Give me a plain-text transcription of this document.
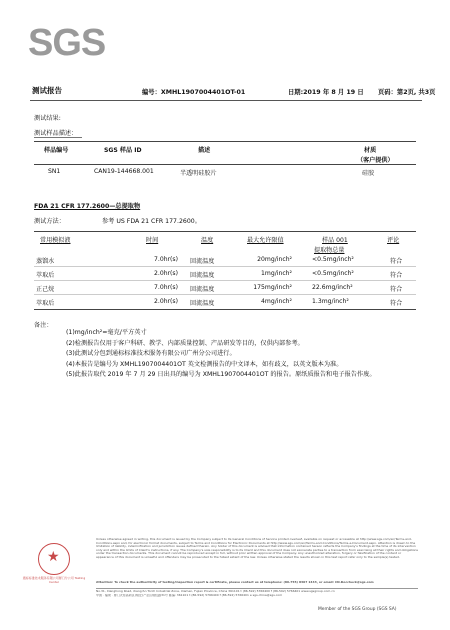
SGS
测试报告	编号：XMHL1907004401OT-01	日期:2019 年 8 月 19 日 页码：第2页, 共3页
测试结果:
测试样品描述：
样品编号	SGS 样品 ID	描述	材质
（客户提供）
SN1	CAN19-144668.001	半透明硅胶片	硅胶
FDA 21 CFR 177.2600—总提取物
测试方法：	参考 US FDA 21 CFR 177.2600。
常用模拟液	时间	温度	最大允许限值	样品 001
提取物总量
评论
蒸馏水	7.0hr(s) 回流温度	20mg/inch²	<0.5mg/inch²	符合
萃取后	2.0hr(s) 回流温度	1mg/inch²	<0.5mg/inch²	符合
正己烷	7.0hr(s) 回流温度	175mg/inch²	22.6mg/inch²	符合
萃取后	2.0hr(s) 回流温度	4mg/inch²	1.3mg/inch²	符合
备注：
(1)mg/inch²=毫克/平方英寸
(2)检测报告仅用于客户科研、教学、内部质量控制、产品研发等目的，仅供内部参考。
(3)此测试分包到通标标准技术服务有限公司广州分公司进行。
(4)本报告是编号为 XMHL1907004401OT 英文检测报告的中文译本，如有歧义，以英文版本为准。
(5)此报告取代 2019 年 7 月 29 日出具的编号为 XMHL1907004401OT 的报告。原纸质报告和电子报告作废。
★
通标标准技术服务有限公司厦门分公司 Testing Center
Unless otherwise agreed in writing, this document is issued by the Company subject to its General Conditions of Service printed overleaf, available on request or accessible at http://www.sgs.com/en/Terms-and-Conditions.aspx and, for electronic format documents, subject to Terms and Conditions for Electronic Documents at http://www.sgs.com/en/Terms-and-Conditions/Terms-e-Document.aspx. Attention is drawn to the limitation of liability, indemnification and jurisdiction issues defined therein. Any holder of this document is advised that information contained hereon reflects the Company's findings at the time of its intervention only and within the limits of Client's instructions, if any. The Company's sole responsibility is to its Client and this document does not exonerate parties to a transaction from exercising all their rights and obligations under the transaction documents. This document cannot be reproduced except in full, without prior written approval of the Company. Any unauthorized alteration, forgery or falsification of the content or appearance of this document is unlawful and offenders may be prosecuted to the fullest extent of the law. Unless otherwise stated the results shown in this test report refer only to the sample(s) tested.
Attention: To check the authenticity of testing/inspection report & certificate, please contact us at telephone: (86-755) 8307 1443, or email: CN.Doccheck@sgs.com
No.31, Xianghong Road, Xiang'An Torch Industrial Zone, Xiamen, Fujian Province, China 361101 t (86-592) 5766400 f (86-592) 5766401 www.sgsgroup.com.cn
中国 · 福建 · 厦门火炬高新区(翔安)产业区翔虹路31号 邮编: 361101 t (86-592) 5766400 f (86-592) 5766401 e sgs.china@sgs.com
Member of the SGS Group (SGS SA)
